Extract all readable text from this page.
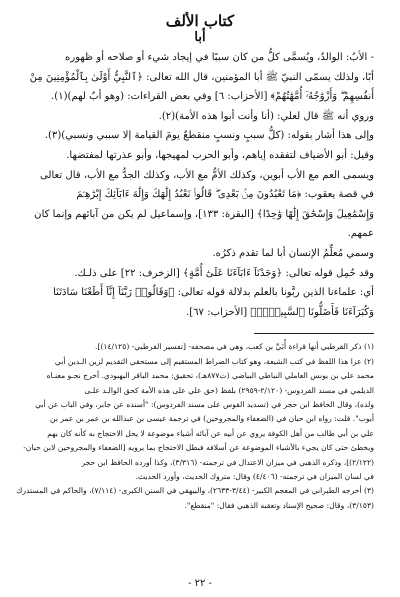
كتاب الألف
أبا

- الأبُ: الوالدُ، ويُسمَّى كلُّ من كان سببًا في إيجاد شيء أو صلاحه أو ظهوره

أبًا، ولذلك يسمّى النبيّ ﷺ أبا المؤمنين، قال الله تعالى: ﴿ٱلنَّبِيُّ أَوْلَىٰ بِٱلْمُؤْمِنِينَ مِنْ

أَنفُسِهِمْ ۖ وَأَزْوَٰجُهُۥٓ أُمَّهَٰتُهُمْ﴾ [الأحزاب: ٦] وفي بعض القراءات: (وهو أبٌ لهم)(١).

وروي أنه ﷺ قال لعلي: (أنا وأنت أبوا هذه الأمة)(٢).

وإلى هذا أشار بقوله: (كلُّ سببٍ ونسبٍ منقطعٌ يومَ القيامة إلا سببي ونسبي)(٣).

وقيل: أبو الأضياف لتفقده إياهم، وأبو الحرب لمهيجها، وأبو عذرتها لمفتضها.

ويسمى العم مع الأب أبوين، وكذلك الأمُّ مع الأب، وكذلك الجدُّ مع الأب، قال تعالى

في قصة يعقوب: ﴿مَا تَعْبُدُونَ مِنۢ بَعْدِى ۖ قَالُوا۟ نَعْبُدُ إِلَٰهَكَ وَإِلَٰهَ ءَابَآئِكَ إِبْرَٰهِـۧمَ

وَإِسْمَٰعِيلَ وَإِسْحَٰقَ إِلَٰهًا وَٰحِدًا﴾ [البقرة: ١٣٣]، وإسماعيل لم يكن من آبائهم وإنما كان

عمهم.

وسمي مُعلِّمُ الإنسان أبا لما تقدم ذكرُه.

وقد حُمِل قوله تعالى: ﴿وَجَدْنَآ ءَابَآءَنَا عَلَىٰٓ أُمَّةٍ﴾ [الزخرف: ٢٢] على ذلـك.

أي: علماءنا الذين ربَّونا بالعلم بدلالة قوله تعالى: ﴿وَقَالُوا۟ رَبَّنَآ إِنَّآ أَطَعْنَا سَادَتَنَا

وَكُبَرَآءَنَا فَأَضَلُّونَا ٱلسَّبِيلَا۠﴾ [الأحزاب: ٦٧].

(١) ذكر القرطبي أنها قراءة أُبَيِّ بن كعب، وهي في مصحفه- [تفسير القرطبي- (١٤/١٢٥)].

(٢) عزا هذا اللفظ في كتب الشيعة، وهو كتاب الصراط المستقيم إلى مستحقي التقديم لزين الـدين أبي

محمد علي بن يونس العاملي النباطي البياضي (ت٨٧٧هـ)، تحقيق: محمد الباقر البهبودي. أخرج نحـو معنـاه

الديلمي في مسند الفردوس- (٢/١٢٠-٢٩٥٩) بلفظ (حق علي على هذه الأمة كحق الوالـد علـى

ولده)، وقال الحافظ ابن حجر في (تسديد القوس على مسند الفردوس): "أسنده عن جابر، وفي الباب عن أبي

أيوب". قلت: رواه ابن حبان في (الضعفاء والمجروحين) في ترجمة عيسى بن عبدالله بن عمر بن عمر بن

علي بن أبي طالب من أهل الكوفة يروي عن أبيه عن آبائه أشياء موضوعة لا يحل الاحتجاج به كأنه كان يهم

ويخطئ حتى كان يجيء بالأشياء الموضوعة عن أسلافه فبطل الاحتجاج بما يرويه [الضعفاء والمجروحين لابن حبان-

(٢/١٢٢)]، وذكره الذهبي في ميزان الاعتدال في ترجمته- (٣/٣١٦)، وكذا أورده الحافظ ابن حجر

في لسان الميزان في ترجمته- (٤/٤٠٦) وقال: متروك الحديث، وأورد الحديث.

(٣) أخرجه الطبراني في المعجم الكبير- (٣/٤٤-٢٦٣٣)، والبيهقي في السنن الكبرى- (٧/١١٤)، والحاكم في المستدرك

(٣/١٥٣)، وقال: صحيح الإسناد وتعقبه الذهبي فقال: "منقطع".

- ٢٢ -
